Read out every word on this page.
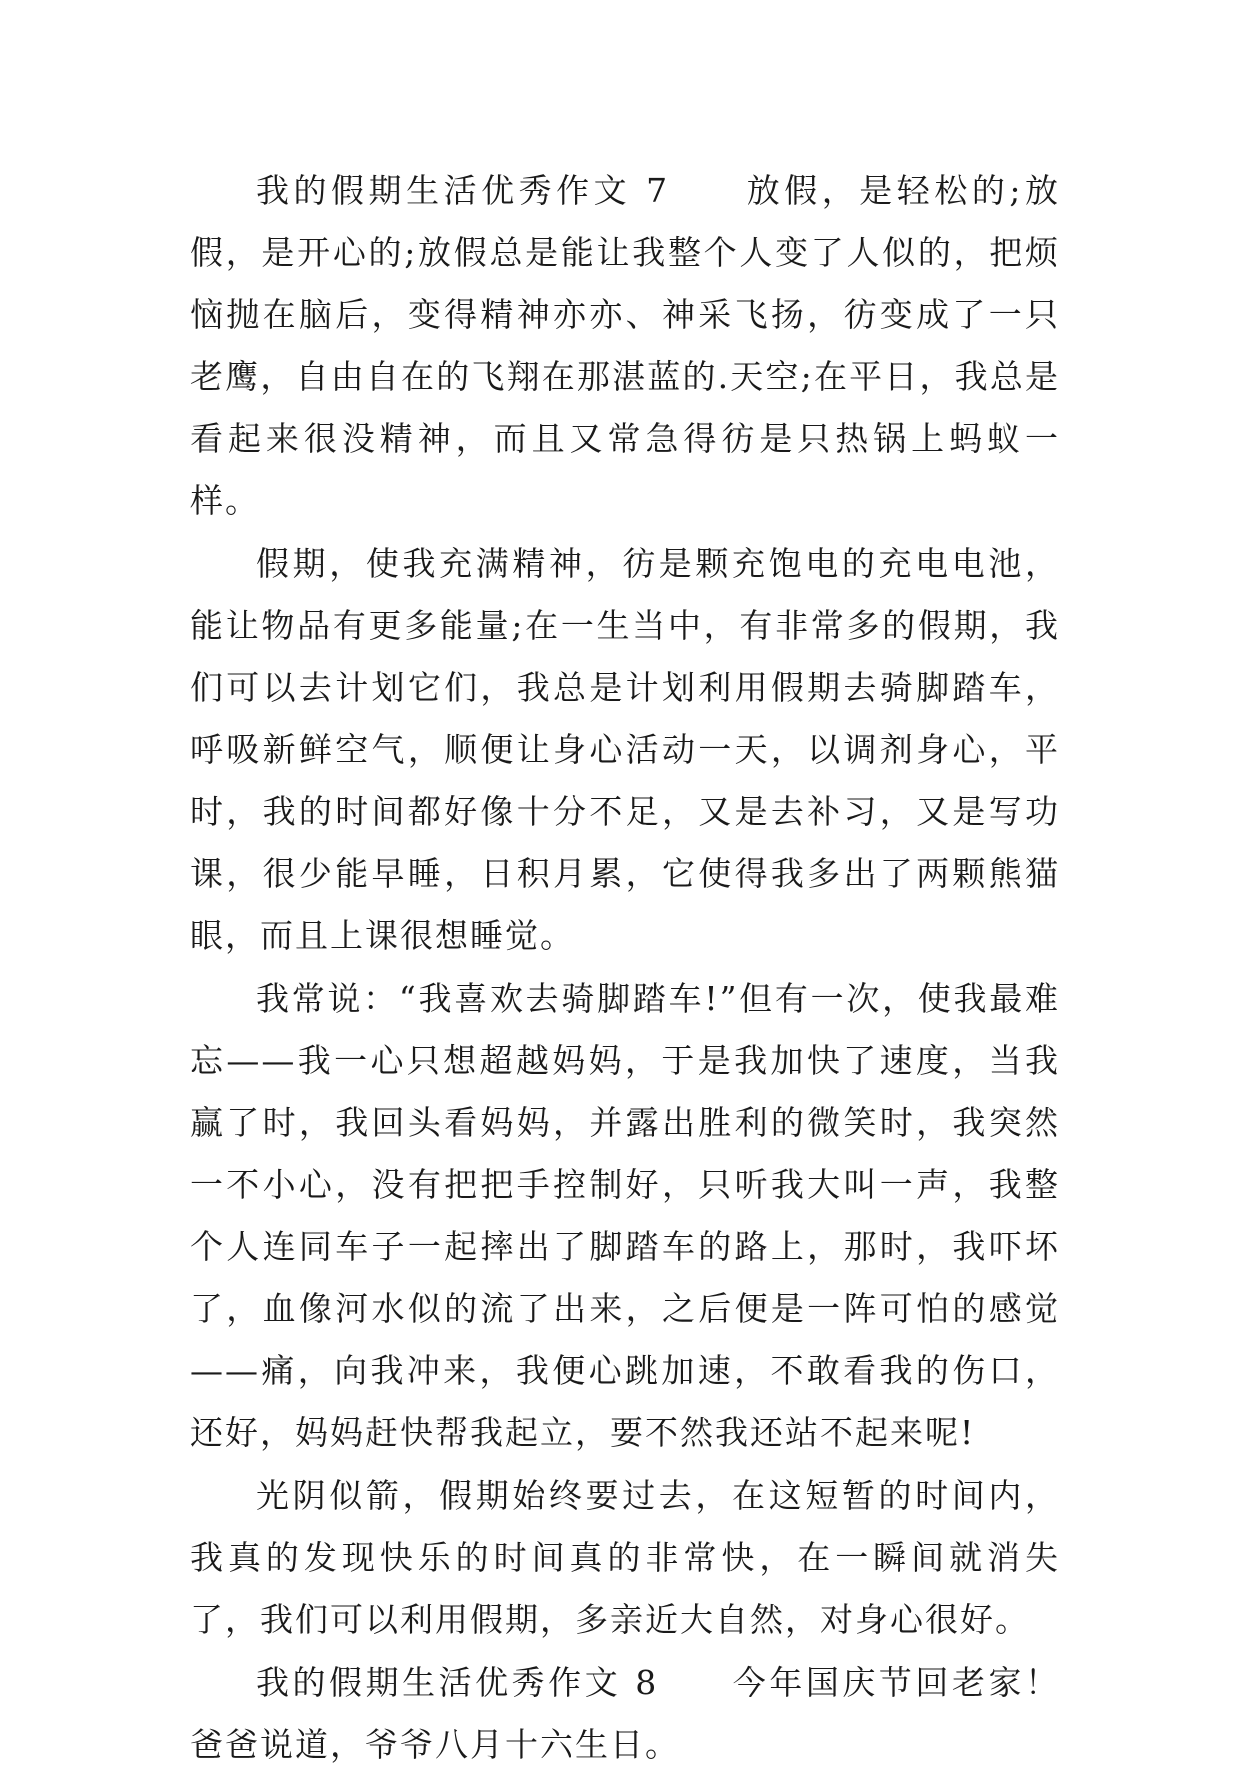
我的假期生活优秀作文 7　　放假，是轻松的;放假，是开心的;放假总是能让我整个人变了人似的，把烦恼抛在脑后，变得精神亦亦、神采飞扬，彷变成了一只老鹰，自由自在的飞翔在那湛蓝的.天空;在平日，我总是看起来很没精神，而且又常急得彷是只热锅上蚂蚁一样。

假期，使我充满精神，彷是颗充饱电的充电电池，能让物品有更多能量;在一生当中，有非常多的假期，我们可以去计划它们，我总是计划利用假期去骑脚踏车，呼吸新鲜空气，顺便让身心活动一天，以调剂身心，平时，我的时间都好像十分不足，又是去补习，又是写功课，很少能早睡，日积月累，它使得我多出了两颗熊猫眼，而且上课很想睡觉。

我常说：“我喜欢去骑脚踏车!”但有一次，使我最难忘——我一心只想超越妈妈，于是我加快了速度，当我赢了时，我回头看妈妈，并露出胜利的微笑时，我突然一不小心，没有把把手控制好，只听我大叫一声，我整个人连同车子一起摔出了脚踏车的路上，那时，我吓坏了，血像河水似的流了出来，之后便是一阵可怕的感觉——痛，向我冲来，我便心跳加速，不敢看我的伤口，还好，妈妈赶快帮我起立，要不然我还站不起来呢!

光阴似箭，假期始终要过去，在这短暂的时间内，我真的发现快乐的时间真的非常快，在一瞬间就消失了，我们可以利用假期，多亲近大自然，对身心很好。

我的假期生活优秀作文 8　　今年国庆节回老家！爸爸说道，爷爷八月十六生日。
